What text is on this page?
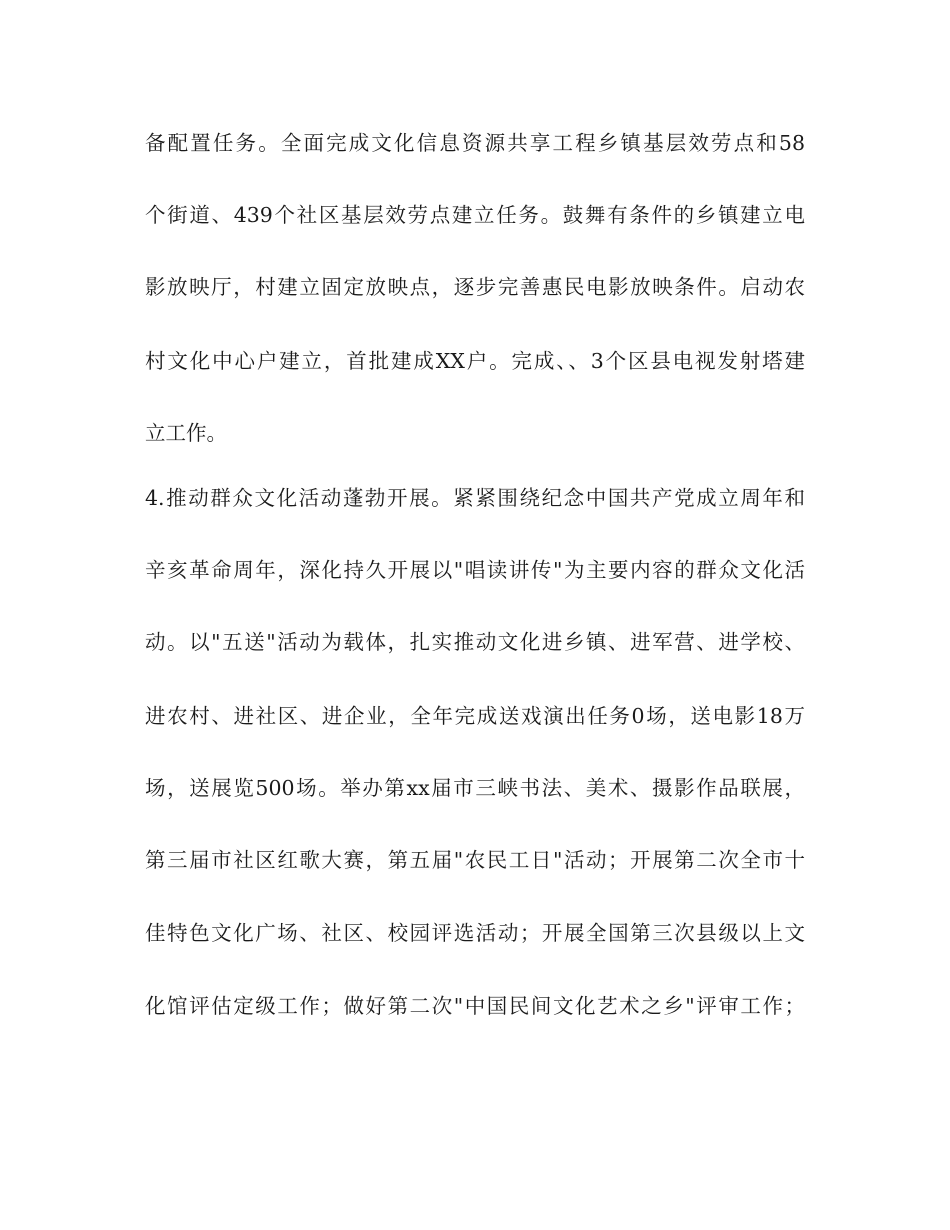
备配置任务。全面完成文化信息资源共享工程乡镇基层效劳点和58
个街道、439个社区基层效劳点建立任务。鼓舞有条件的乡镇建立电
影放映厅，村建立固定放映点，逐步完善惠民电影放映条件。启动农
村文化中心户建立，首批建成XX户。完成、、3个区县电视发射塔建
立工作。
4.推动群众文化活动蓬勃开展。紧紧围绕纪念中国共产党成立周年和
辛亥革命周年，深化持久开展以"唱读讲传"为主要内容的群众文化活
动。以"五送"活动为载体，扎实推动文化进乡镇、进军营、进学校、
进农村、进社区、进企业，全年完成送戏演出任务0场，送电影18万
场，送展览500场。举办第xx届市三峡书法、美术、摄影作品联展，
第三届市社区红歌大赛，第五届"农民工日"活动；开展第二次全市十
佳特色文化广场、社区、校园评选活动；开展全国第三次县级以上文
化馆评估定级工作；做好第二次"中国民间文化艺术之乡"评审工作；
